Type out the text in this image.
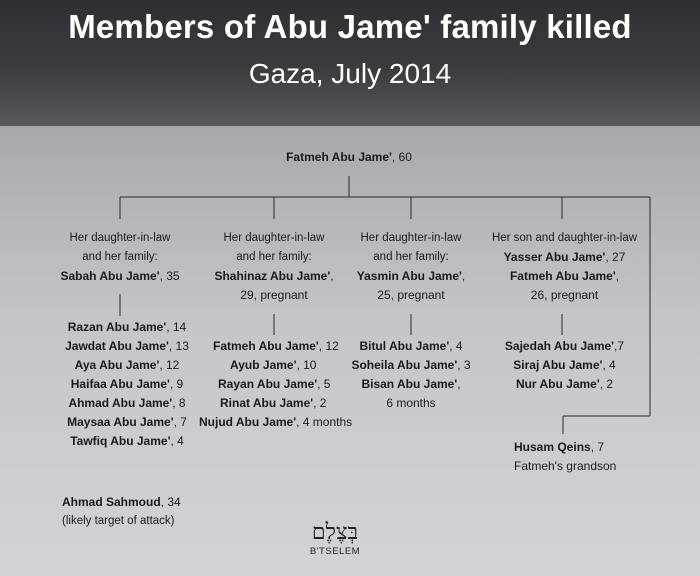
Members of Abu Jame' family killed
Gaza, July 2014
Fatmeh Abu Jame', 60
Her daughter-in-law
and her family:
Sabah Abu Jame', 35
Razan Abu Jame', 14
Jawdat Abu Jame', 13
Aya Abu Jame', 12
Haifaa Abu Jame', 9
Ahmad Abu Jame', 8
Maysaa Abu Jame', 7
Tawfiq Abu Jame', 4
Her daughter-in-law
and her family:
Shahinaz Abu Jame',
29, pregnant
Fatmeh Abu Jame', 12
Ayub Jame', 10
Rayan Abu Jame', 5
Rinat Abu Jame', 2
Nujud Abu Jame', 4 months
Her daughter-in-law
and her family:
Yasmin Abu Jame',
25, pregnant
Bitul Abu Jame', 4
Soheila Abu Jame', 3
Bisan Abu Jame',
6 months
Her son and daughter-in-law
Yasser Abu Jame', 27
Fatmeh Abu Jame',
26, pregnant
Sajedah Abu Jame',7
Siraj Abu Jame', 4
Nur Abu Jame', 2
Husam Qeins, 7
Fatmeh's grandson
Ahmad Sahmoud, 34
(likely target of attack)	בְּצֶלֶם
B'TSELEM
